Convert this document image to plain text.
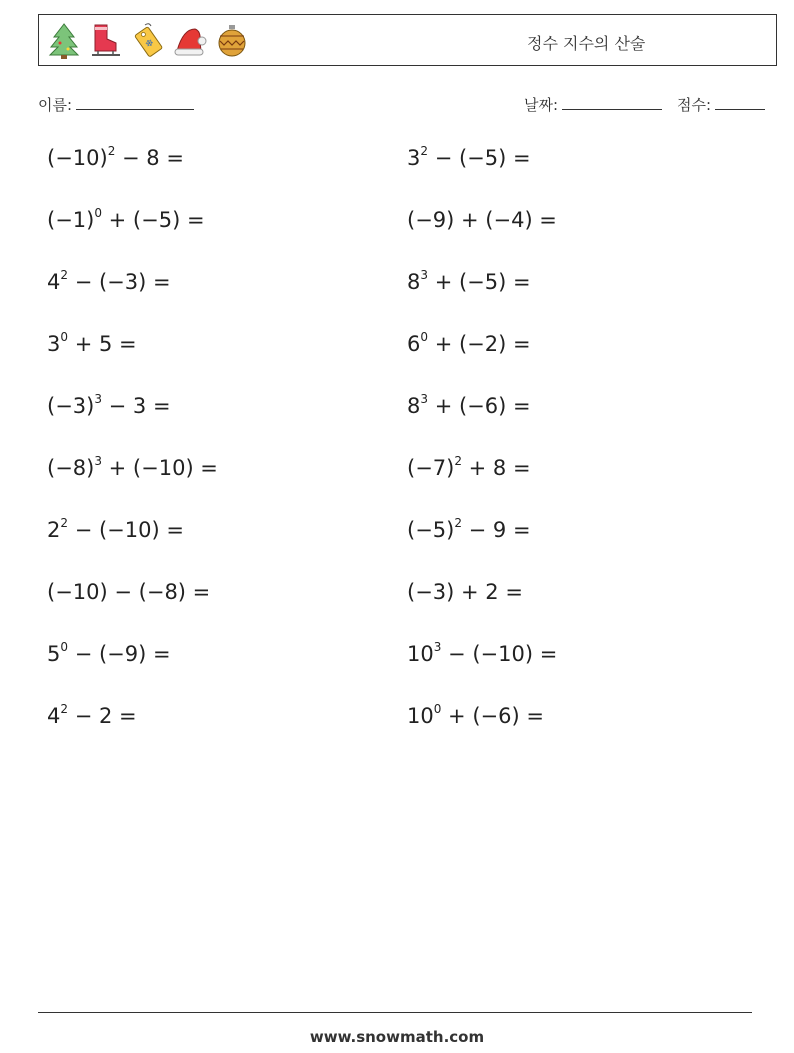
❄	정수 지수의 산술
이름:	날짜:	점수:
$(-10)^2 - 8$ =
$(-1)^0 + (-5)$ =
$4^2 - (-3)$ =
$3^0 + 5$ =
$(-3)^3 - 3$ =
$(-8)^3 + (-10)$ =
$2^2 - (-10)$ =
(−10) − (−8) =
$5^0 - (-9)$ =
$4^2 - 2$ =
$3^2 - (-5)$ =
(−9) + (−4) =
$8^3 + (-5)$ =
$6^0 + (-2)$ =
$8^3 + (-6)$ =
$(-7)^2 + 8$ =
$(-5)^2 - 9$ =
(−3) + 2 =
$10^3 - (-10)$ =
$10^0 + (-6)$ =
www.snowmath.com
